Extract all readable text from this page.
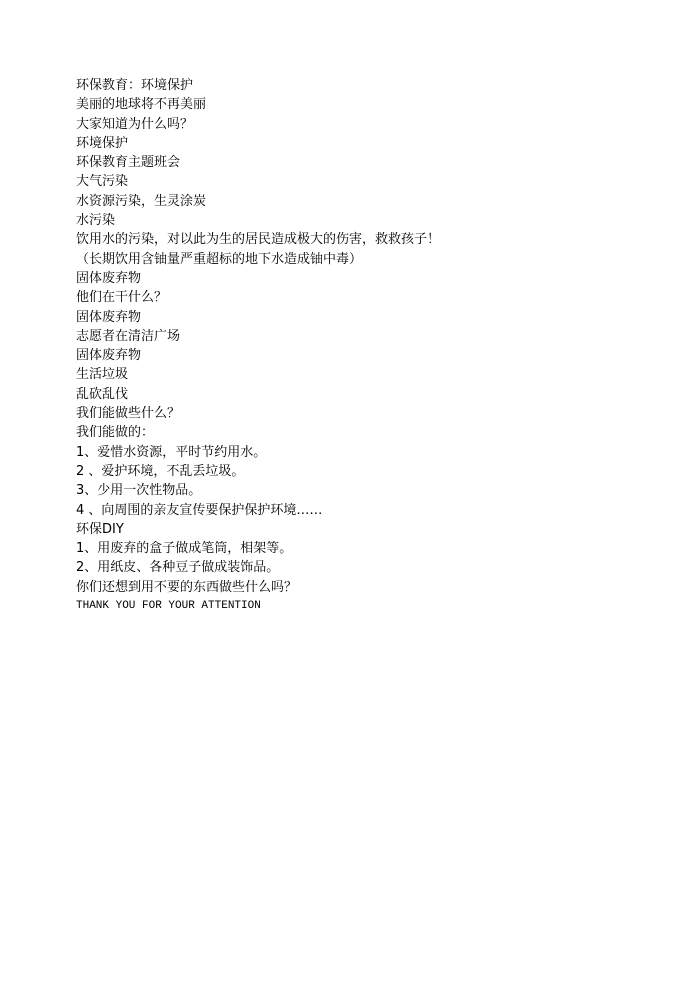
环保教育：环境保护
美丽的地球将不再美丽
大家知道为什么吗？
环境保护
环保教育主题班会
大气污染
水资源污染，生灵涂炭
水污染
饮用水的污染，对以此为生的居民造成极大的伤害，救救孩子！
（长期饮用含铀量严重超标的地下水造成铀中毒）
固体废弃物
他们在干什么？
固体废弃物
志愿者在清洁广场
固体废弃物
生活垃圾
乱砍乱伐
我们能做些什么？
我们能做的：
1、爱惜水资源，平时节约用水。
2 、爱护环境，不乱丢垃圾。
3、少用一次性物品。
4 、向周围的亲友宣传要保护保护环境……
环保DIY
1、用废弃的盒子做成笔筒，相架等。
2、用纸皮、各种豆子做成装饰品。
你们还想到用不要的东西做些什么吗？
THANK YOU FOR YOUR ATTENTION
